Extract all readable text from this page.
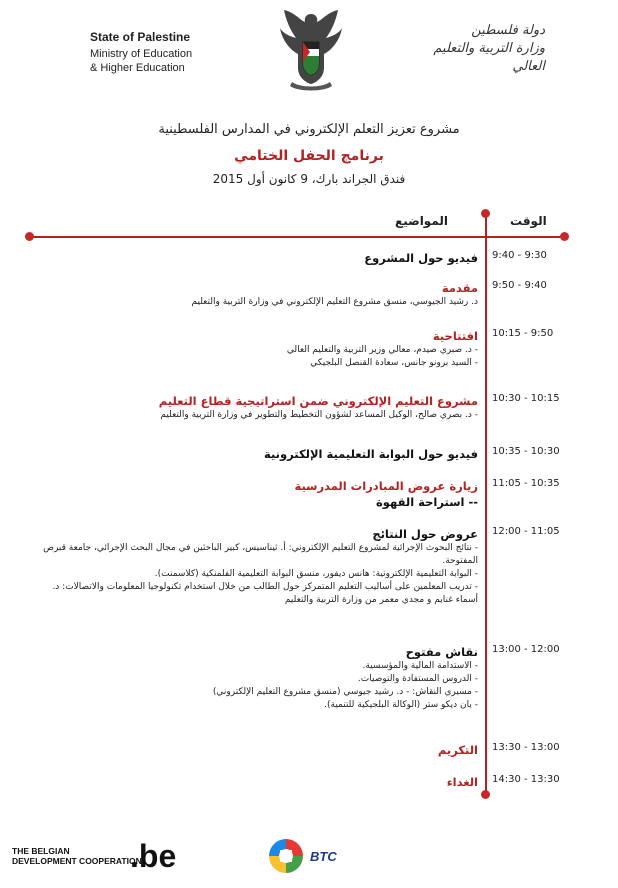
State of Palestine
Ministry of Education
& Higher Education
دولة فلسطين
وزارة التربية والتعليم العالي
مشروع تعزيز التعلم الإلكتروني في المدارس الفلسطينية
برنامج الحفل الختامي
فندق الجراند بارك، 9 كانون أول 2015
الوقت
المواضيع
9:30 - 9:40
فيديو حول المشروع
9:40 - 9:50
مقدمة
د. رشيد الجيوسي، منسق مشروع التعليم الإلكتروني في وزارة التربية والتعليم
9:50 - 10:15
افتتاحية
- د. صبري صيدم، معالي وزير التربية والتعليم العالي
- السيد برونو جانس، سعادة القنصل البلجيكي
10:15 - 10:30
مشروع التعليم الإلكتروني ضمن استراتيجية قطاع التعليم
- د. بصري صالح، الوكيل المساعد لشؤون التخطيط والتطوير في وزارة التربية والتعليم
10:30 - 10:35
فيديو حول البوابة التعليمية الإلكترونية
10:35 - 11:05
زيارة عروض المبادرات المدرسية
-- استراحة القهوة
11:05 - 12:00
عروض حول النتائج
- نتائج البحوث الإجرائية لمشروع التعليم الإلكتروني: أ. ثيناسيس، كبير الباحثين في مجال البحث الإجرائي، جامعة قبرص المفتوحة.
- البوابة التعليمية الإلكترونية: هانس ديفور، منسق البوابة التعليمية الفلمنكية (كلاسمنت).
- تدريب المعلمين على أساليب التعليم المتمركز حول الطالب من خلال استخدام تكنولوجيا المعلومات والاتصالات: د. أسماء غنايم و مجدي معمر من وزارة التربية والتعليم
12:00 - 13:00
نقاش مفتوح
- الاستدامة المالية والمؤسسية.
- الدروس المستفادة والتوصيات.
- مسيري النقاش: - د. رشيد جيوسي (منسق مشروع التعليم الإلكتروني)
- يان ديكو ستر (الوكالة البلجيكية للتنمية).
13:00 - 13:30
التكريم
13:30 - 14:30
الغداء
THE BELGIAN
DEVELOPMENT COOPERATION
.be	BTC
